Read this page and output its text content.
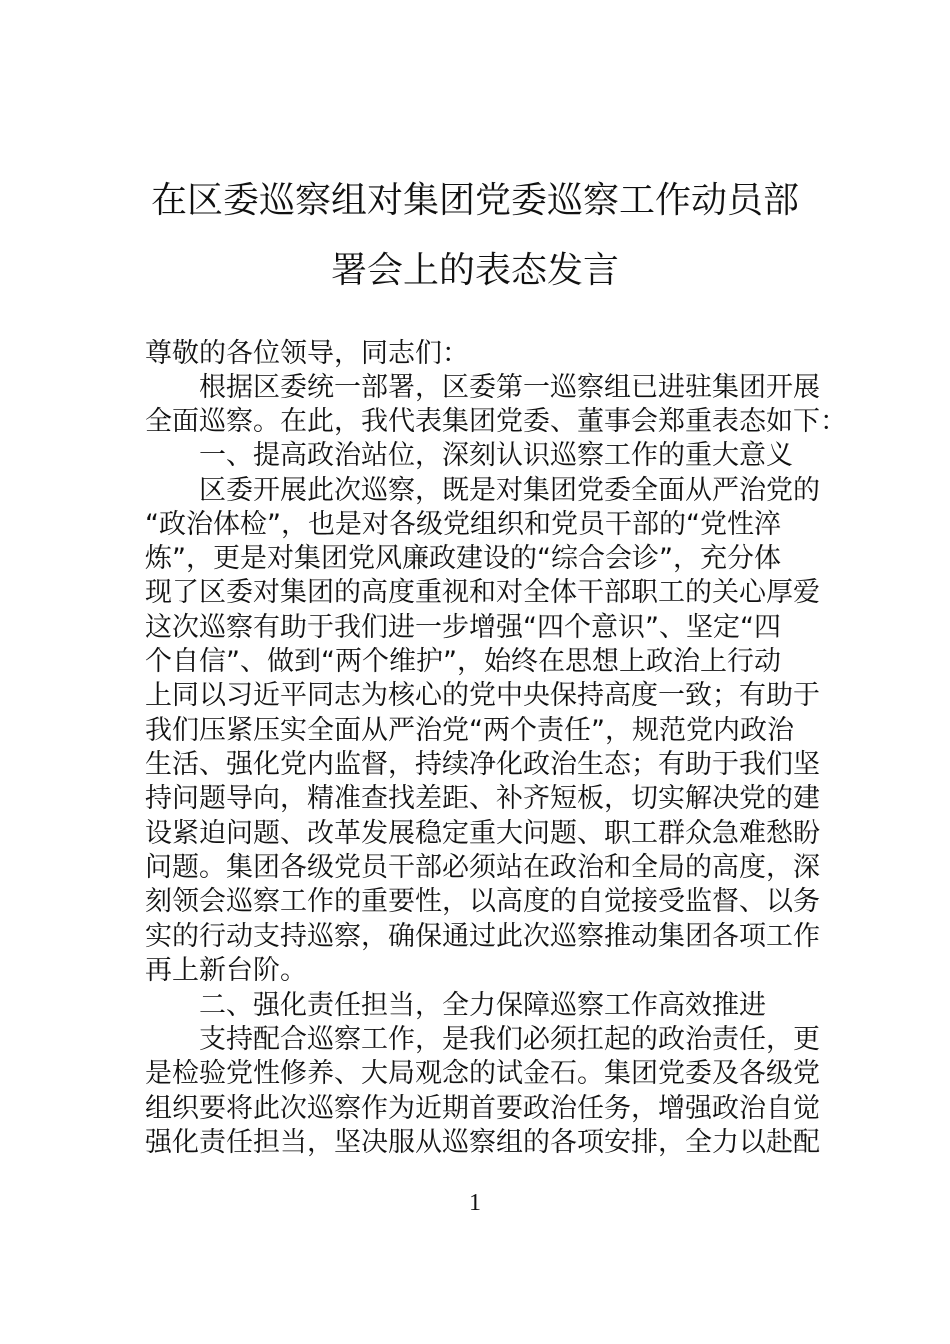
在区委巡察组对集团党委巡察工作动员部
署会上的表态发言
尊敬的各位领导，同志们：
　　根据区委统一部署，区委第一巡察组已进驻集团开展
全面巡察。在此，我代表集团党委、董事会郑重表态如下：
　　一、提高政治站位，深刻认识巡察工作的重大意义
　　区委开展此次巡察，既是对集团党委全面从严治党的
“政治体检”，也是对各级党组织和党员干部的“党性淬
炼”，更是对集团党风廉政建设的“综合会诊”，充分体
现了区委对集团的高度重视和对全体干部职工的关心厚爱
这次巡察有助于我们进一步增强“四个意识”、坚定“四
个自信”、做到“两个维护”，始终在思想上政治上行动
上同以习近平同志为核心的党中央保持高度一致；有助于
我们压紧压实全面从严治党“两个责任”，规范党内政治
生活、强化党内监督，持续净化政治生态；有助于我们坚
持问题导向，精准查找差距、补齐短板，切实解决党的建
设紧迫问题、改革发展稳定重大问题、职工群众急难愁盼
问题。集团各级党员干部必须站在政治和全局的高度，深
刻领会巡察工作的重要性，以高度的自觉接受监督、以务
实的行动支持巡察，确保通过此次巡察推动集团各项工作
再上新台阶。
　　二、强化责任担当，全力保障巡察工作高效推进
　　支持配合巡察工作，是我们必须扛起的政治责任，更
是检验党性修养、大局观念的试金石。集团党委及各级党
组织要将此次巡察作为近期首要政治任务，增强政治自觉
强化责任担当，坚决服从巡察组的各项安排，全力以赴配
1
